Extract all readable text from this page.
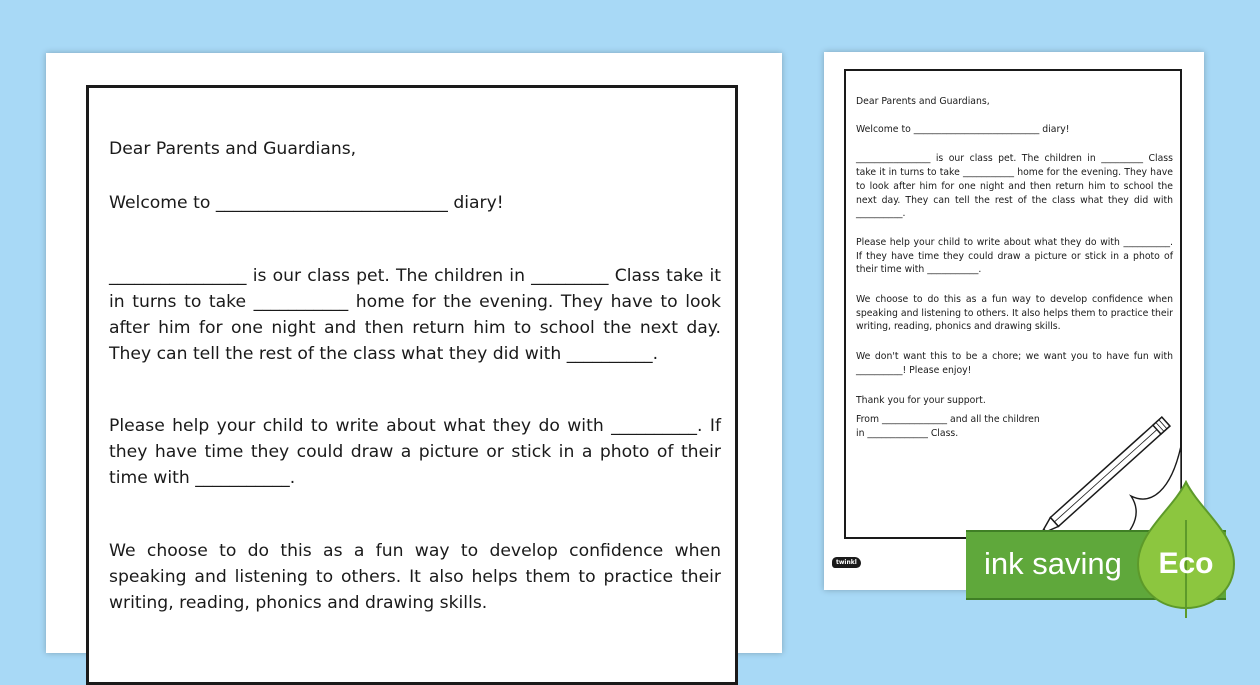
Dear Parents and Guardians,

Welcome to ___________________________ diary!

________________ is our class pet. The children in _________ Class take it in turns to take ___________ home for the evening. They have to look after him for one night and then return him to school the next day. They can tell the rest of the class what they did with __________.

Please help your child to write about what they do with __________. If they have time they could draw a picture or stick in a photo of their time with ___________.

We choose to do this as a fun way to develop confidence when speaking and listening to others. It also helps them to practice their writing, reading, phonics and drawing skills.

Dear Parents and Guardians,

Welcome to ___________________________ diary!

________________ is our class pet. The children in _________ Class take it in turns to take ___________ home for the evening. They have to look after him for one night and then return him to school the next day. They can tell the rest of the class what they did with __________.

Please help your child to write about what they do with __________. If they have time they could draw a picture or stick in a photo of their time with ___________.

We choose to do this as a fun way to develop confidence when speaking and listening to others. It also helps them to practice their writing, reading, phonics and drawing skills.

We don't want this to be a chore; we want you to have fun with __________! Please enjoy!

Thank you for your support.

From ______________ and all the children

in _____________ Class.

twinkl	ink saving Eco
